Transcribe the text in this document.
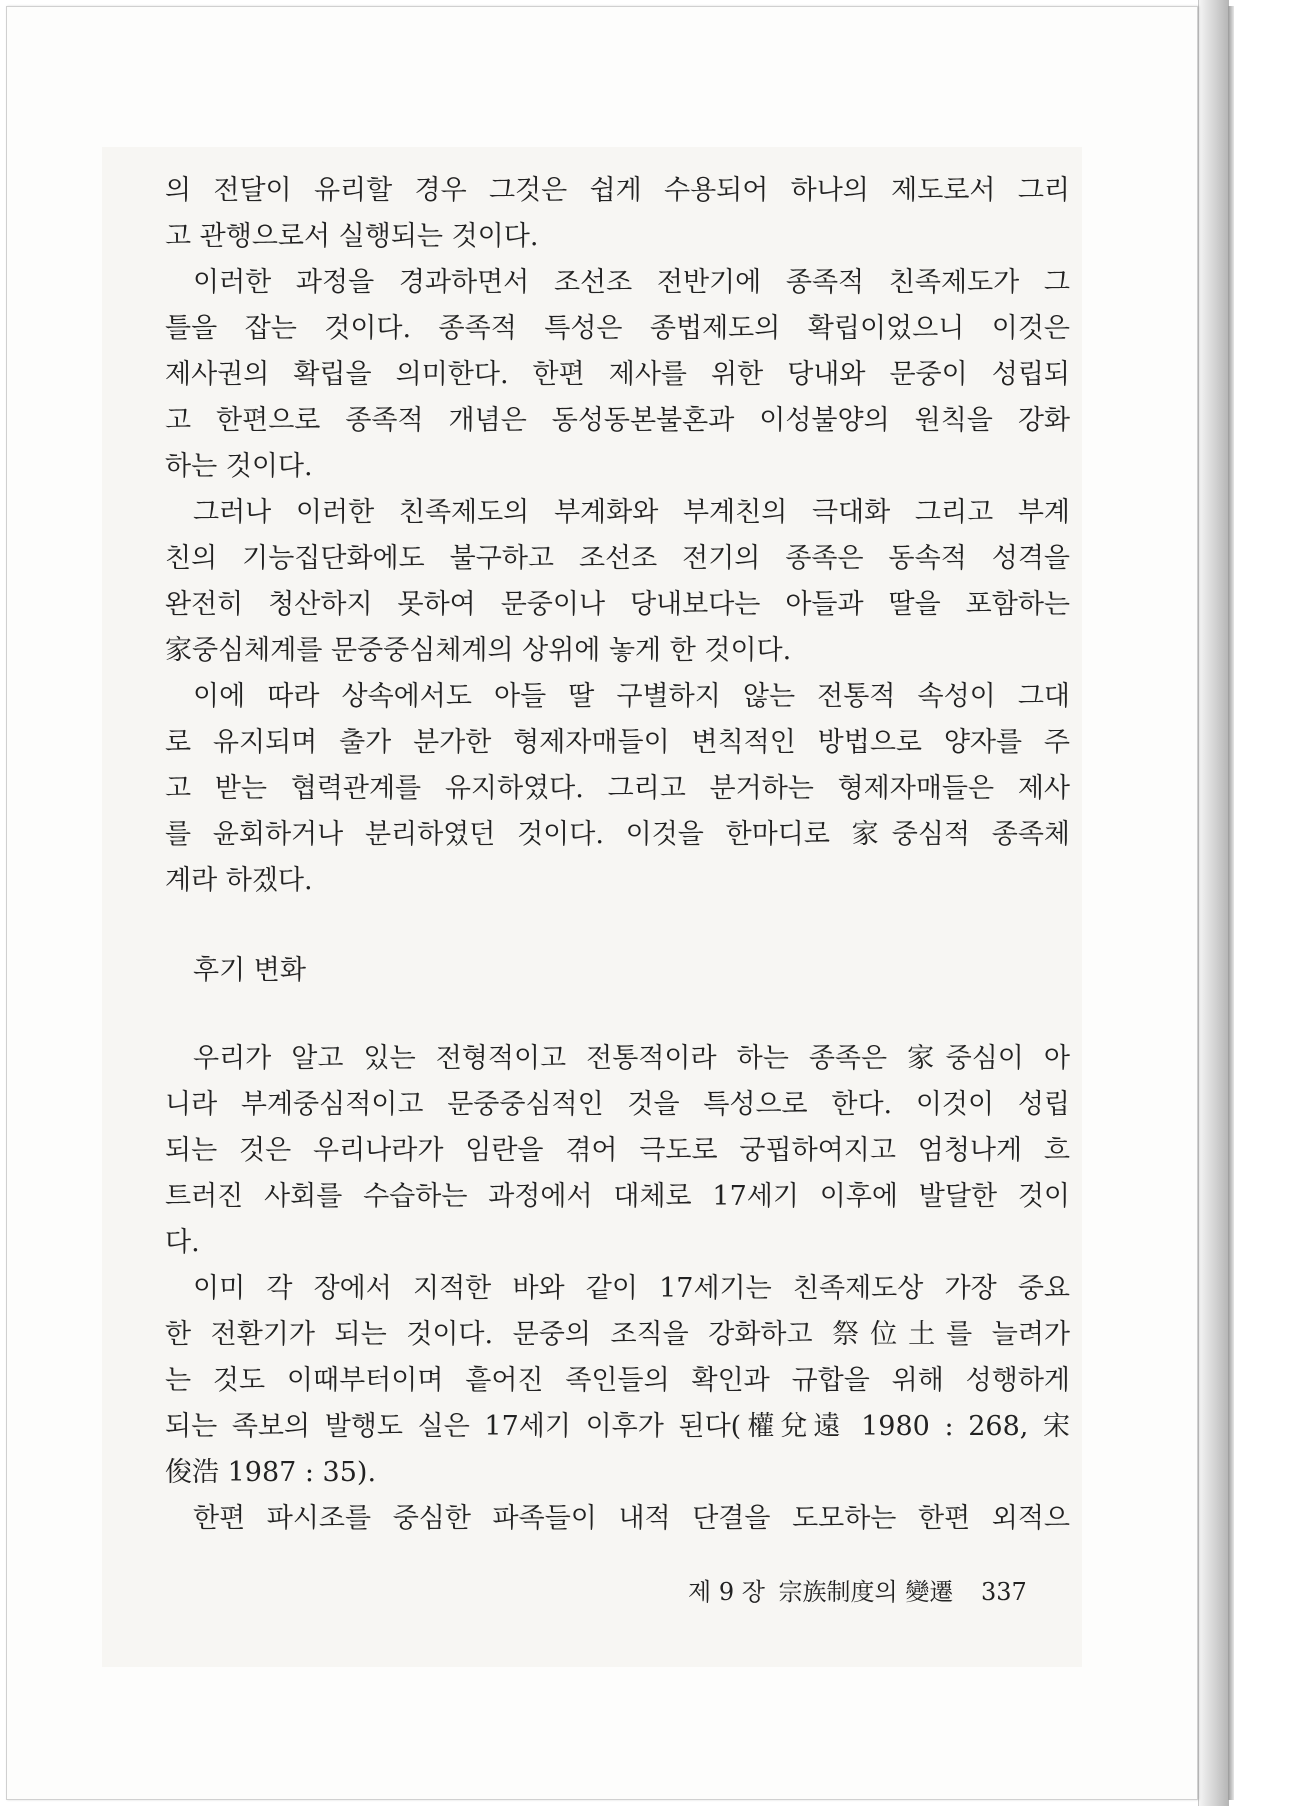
의 전달이 유리할 경우 그것은 쉽게 수용되어 하나의 제도로서 그리
고 관행으로서 실행되는 것이다.
이러한 과정을 경과하면서 조선조 전반기에 종족적 친족제도가 그
틀을 잡는 것이다. 종족적 특성은 종법제도의 확립이었으니 이것은
제사권의 확립을 의미한다. 한편 제사를 위한 당내와 문중이 성립되
고 한편으로 종족적 개념은 동성동본불혼과 이성불양의 원칙을 강화
하는 것이다.
그러나 이러한 친족제도의 부계화와 부계친의 극대화 그리고 부계
친의 기능집단화에도 불구하고 조선조 전기의 종족은 동속적 성격을
완전히 청산하지 못하여 문중이나 당내보다는 아들과 딸을 포함하는
家중심체계를 문중중심체계의 상위에 놓게 한 것이다.
이에 따라 상속에서도 아들 딸 구별하지 않는 전통적 속성이 그대
로 유지되며 출가 분가한 형제자매들이 변칙적인 방법으로 양자를 주
고 받는 협력관계를 유지하였다. 그리고 분거하는 형제자매들은 제사
를 윤회하거나 분리하였던 것이다. 이것을 한마디로 家중심적 종족체
계라 하겠다.
후기 변화
우리가 알고 있는 전형적이고 전통적이라 하는 종족은 家중심이 아
니라 부계중심적이고 문중중심적인 것을 특성으로 한다. 이것이 성립
되는 것은 우리나라가 임란을 겪어 극도로 궁핍하여지고 엄청나게 흐
트러진 사회를 수습하는 과정에서 대체로 17세기 이후에 발달한 것이
다.
이미 각 장에서 지적한 바와 같이 17세기는 친족제도상 가장 중요
한 전환기가 되는 것이다. 문중의 조직을 강화하고 祭位土를 늘려가
는 것도 이때부터이며 흩어진 족인들의 확인과 규합을 위해 성행하게
되는 족보의 발행도 실은 17세기 이후가 된다(權兌遠 1980 : 268, 宋
俊浩 1987 : 35).
한편 파시조를 중심한 파족들이 내적 단결을 도모하는 한편 외적으
제 9 장 宗族制度의 變遷 337
